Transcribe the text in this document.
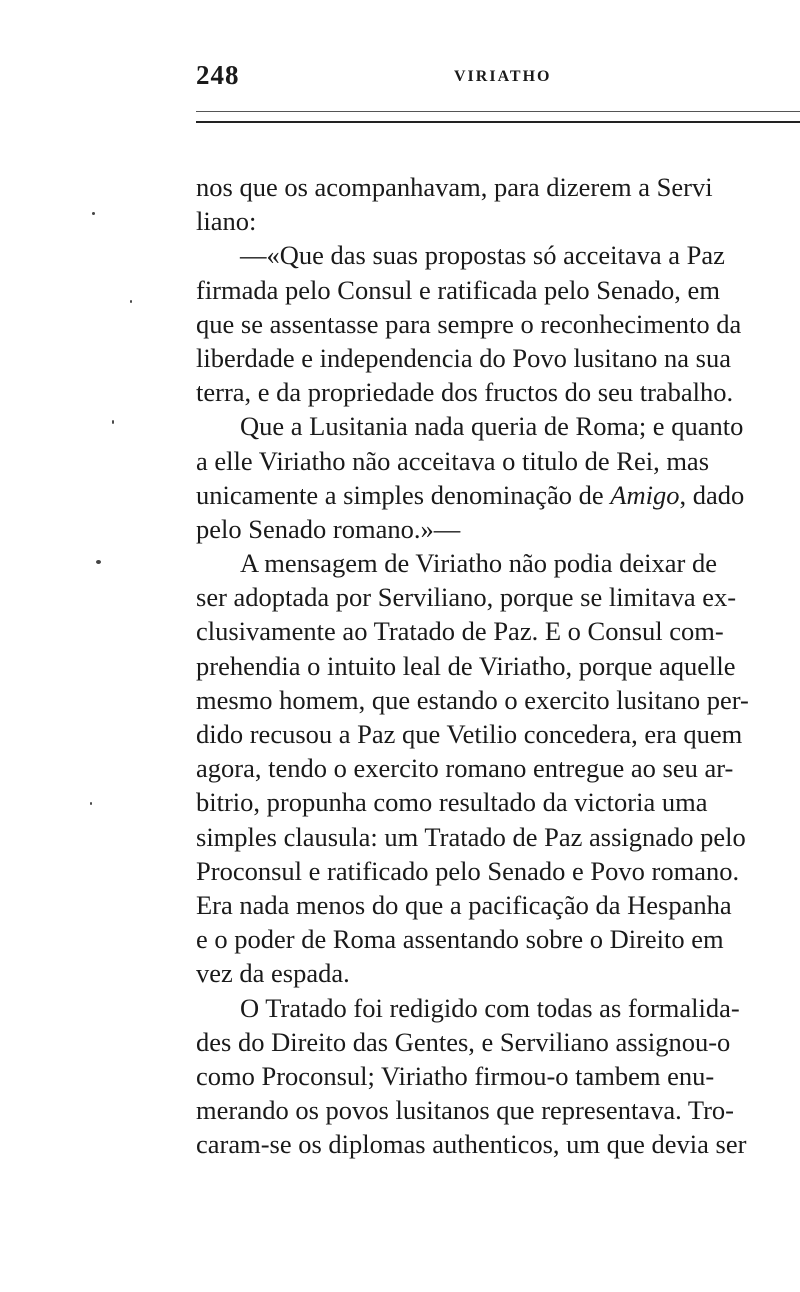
248	VIRIATHO
nos que os acompanhavam, para dizerem a Servi
liano:
—«Que das suas propostas só acceitava a Paz
firmada pelo Consul e ratificada pelo Senado, em
que se assentasse para sempre o reconhecimento da
liberdade e independencia do Povo lusitano na sua
terra, e da propriedade dos fructos do seu trabalho.
Que a Lusitania nada queria de Roma; e quanto
a elle Viriatho não acceitava o titulo de Rei, mas
unicamente a simples denominação de Amigo, dado
pelo Senado romano.»—
A mensagem de Viriatho não podia deixar de
ser adoptada por Serviliano, porque se limitava ex-
clusivamente ao Tratado de Paz. E o Consul com-
prehendia o intuito leal de Viriatho, porque aquelle
mesmo homem, que estando o exercito lusitano per-
dido recusou a Paz que Vetilio concedera, era quem
agora, tendo o exercito romano entregue ao seu ar-
bitrio, propunha como resultado da victoria uma
simples clausula: um Tratado de Paz assignado pelo
Proconsul e ratificado pelo Senado e Povo romano.
Era nada menos do que a pacificação da Hespanha
e o poder de Roma assentando sobre o Direito em
vez da espada.
O Tratado foi redigido com todas as formalida-
des do Direito das Gentes, e Serviliano assignou-o
como Proconsul; Viriatho firmou-o tambem enu-
merando os povos lusitanos que representava. Tro-
caram-se os diplomas authenticos, um que devia ser
